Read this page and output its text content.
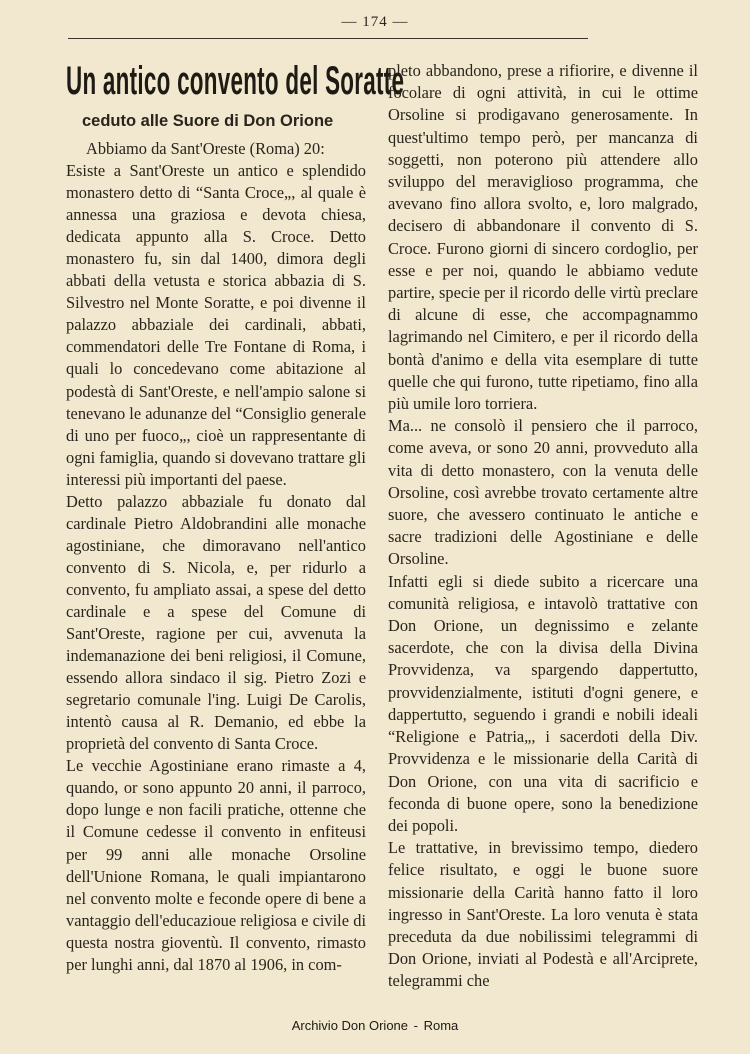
— 174 —
Un antico convento del Soratte
ceduto alle Suore di Don Orione

Abbiamo da Sant'Oreste (Roma) 20:

Esiste a Sant'Oreste un antico e splendido monastero detto di “Santa Croce„, al quale è annessa una graziosa e devota chiesa, dedicata appunto alla S. Croce. Detto monastero fu, sin dal 1400, dimora degli abbati della vetusta e storica abbazia di S. Silvestro nel Monte Soratte, e poi divenne il palazzo abbaziale dei cardinali, abbati, commendatori delle Tre Fontane di Roma, i quali lo concedevano come abitazione al podestà di Sant'Oreste, e nell'ampio salone si tenevano le adunanze del “Consiglio generale di uno per fuoco„, cioè un rappresentante di ogni famiglia, quando si dovevano trattare gli interessi più importanti del paese.

Detto palazzo abbaziale fu donato dal cardinale Pietro Aldobrandini alle monache agostiniane, che dimoravano nell'antico convento di S. Nicola, e, per ridurlo a convento, fu ampliato assai, a spese del detto cardinale e a spese del Comune di Sant'Oreste, ragione per cui, avvenuta la indemanazione dei beni religiosi, il Comune, essendo allora sindaco il sig. Pietro Zozi e segretario comunale l'ing. Luigi De Carolis, intentò causa al R. Demanio, ed ebbe la proprietà del convento di Santa Croce.

Le vecchie Agostiniane erano rimaste a 4, quando, or sono appunto 20 anni, il parroco, dopo lunge e non facili pratiche, ottenne che il Comune cedesse il convento in enfiteusi per 99 anni alle monache Orsoline dell'Unione Romana, le quali impiantarono nel convento molte e feconde opere di bene a vantaggio dell'educazioue religiosa e civile di questa nostra gioventù. Il convento, rimasto per lunghi anni, dal 1870 al 1906, in com-

pleto abbandono, prese a rifiorire, e divenne il focolare di ogni attività, in cui le ottime Orsoline si prodigavano generosamente. In quest'ultimo tempo però, per mancanza di soggetti, non poterono più attendere allo sviluppo del meraviglioso programma, che avevano fino allora svolto, e, loro malgrado, decisero di abbandonare il convento di S. Croce. Furono giorni di sincero cordoglio, per esse e per noi, quando le abbiamo vedute partire, specie per il ricordo delle virtù preclare di alcune di esse, che accompagnammo lagrimando nel Cimitero, e per il ricordo della bontà d'animo e della vita esemplare di tutte quelle che qui furono, tutte ripetiamo, fino alla più umile loro torriera.

Ma... ne consolò il pensiero che il parroco, come aveva, or sono 20 anni, provveduto alla vita di detto monastero, con la venuta delle Orsoline, così avrebbe trovato certamente altre suore, che avessero continuato le antiche e sacre tradizioni delle Agostiniane e delle Orsoline.

Infatti egli si diede subito a ricercare una comunità religiosa, e intavolò trattative con Don Orione, un degnissimo e zelante sacerdote, che con la divisa della Divina Provvidenza, va spargendo dappertutto, provvidenzialmente, istituti d'ogni genere, e dappertutto, seguendo i grandi e nobili ideali “Religione e Patria„, i sacerdoti della Div. Provvidenza e le missionarie della Carità di Don Orione, con una vita di sacrificio e feconda di buone opere, sono la benedizione dei popoli.

Le trattative, in brevissimo tempo, diedero felice risultato, e oggi le buone suore missionarie della Carità hanno fatto il loro ingresso in Sant'Oreste. La loro venuta è stata preceduta da due nobilissimi telegrammi di Don Orione, inviati al Podestà e all'Arciprete, telegrammi che

Archivio Don Orione - Roma
